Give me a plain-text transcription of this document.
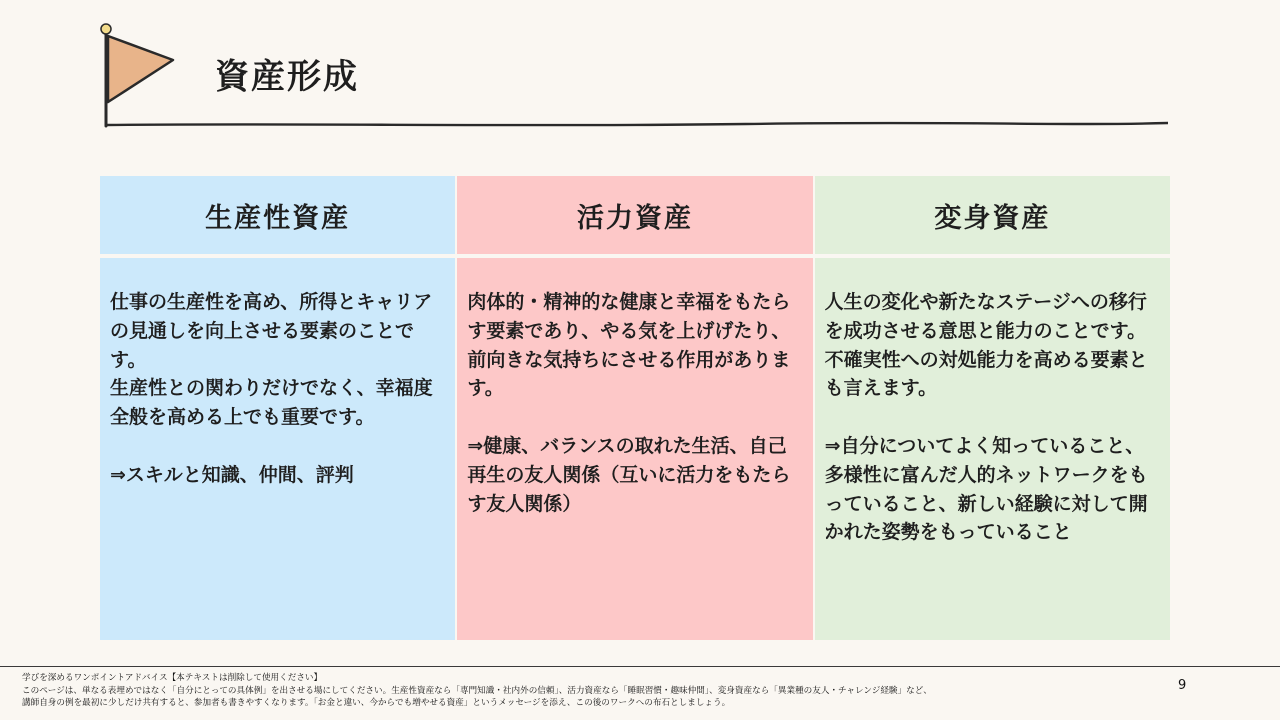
資産形成
生産性資産	活力資産	変身資産
仕事の生産性を高め、所得とキャリアの見通しを向上させる要素のことです。
生産性との関わりだけでなく、幸福度全般を高める上でも重要です。

⇒スキルと知識、仲間、評判
肉体的・精神的な健康と幸福をもたらす要素であり、やる気を上げげたり、前向きな気持ちにさせる作用があります。

⇒健康、バランスの取れた生活、自己再生の友人関係（互いに活力をもたらす友人関係）
人生の変化や新たなステージへの移行を成功させる意思と能力のことです。
不確実性への対処能力を高める要素とも言えます。

⇒自分についてよく知っていること、多様性に富んだ人的ネットワークをもっていること、新しい経験に対して開かれた姿勢をもっていること
学びを深めるワンポイントアドバイス【本テキストは削除して使用ください】
このページは、単なる表埋めではなく「自分にとっての具体例」を出させる場にしてください。生産性資産なら「専門知識・社内外の信頼」、活力資産なら「睡眠習慣・趣味仲間」、変身資産なら「異業種の友人・チャレンジ経験」など、
講師自身の例を最初に少しだけ共有すると、参加者も書きやすくなります。「お金と違い、今からでも増やせる資産」というメッセージを添え、この後のワークへの布石としましょう。
9
